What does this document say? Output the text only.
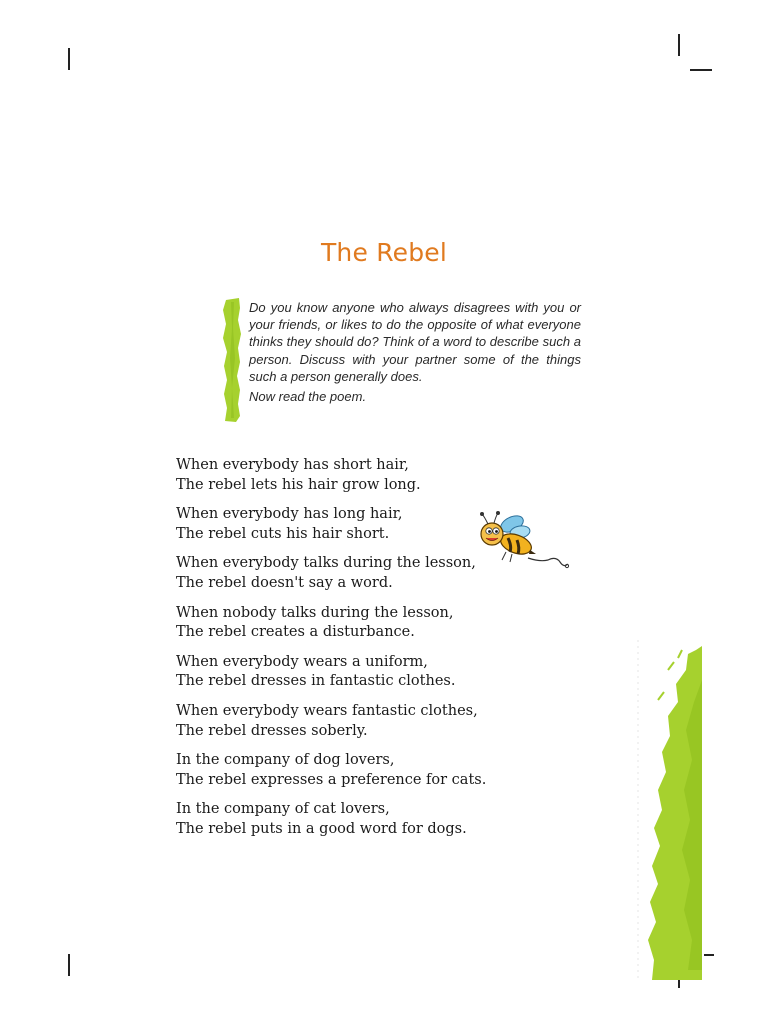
The Rebel

Do you know anyone who always disagrees with you or your friends, or likes to do the opposite of what everyone thinks they should do? Think of a word to describe such a person. Discuss with your partner some of the things such a person generally does.

Now read the poem.

When everybody has short hair,
The rebel lets his hair grow long.
When everybody has long hair,
The rebel cuts his hair short.
When everybody talks during the lesson,
The rebel doesn't say a word.
When nobody talks during the lesson,
The rebel creates a disturbance.
When everybody wears a uniform,
The rebel dresses in fantastic clothes.
When everybody wears fantastic clothes,
The rebel dresses soberly.
In the company of dog lovers,
The rebel expresses a preference for cats.
In the company of cat lovers,
The rebel puts in a good word for dogs.
